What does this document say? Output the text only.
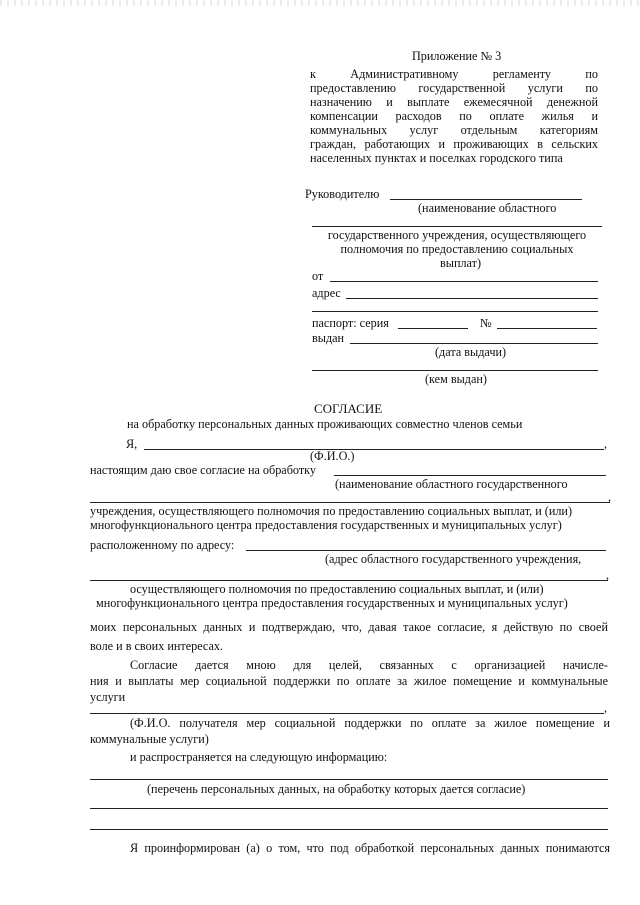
Приложение № 3
к Административному регламенту по
предоставлению государственной услуги по
назначению и выплате ежемесячной денежной
компенсации расходов по оплате жилья и
коммунальных услуг отдельным категориям
граждан, работающих и проживающих в сельских
населенных пунктах и поселках городского типа
Руководителю
(наименование областного
государственного учреждения, осуществляющего
полномочия по предоставлению социальных
выплат)
от
адрес
паспорт: серия	№
выдан
(дата выдачи)
(кем выдан)
СОГЛАСИЕ
на обработку персональных данных проживающих совместно членов семьи
Я,	,
(Ф.И.О.)
настоящим даю свое согласие на обработку
(наименование областного государственного
,
учреждения, осуществляющего полномочия по предоставлению социальных выплат, и (или)
многофункционального центра предоставления государственных и муниципальных услуг)
расположенному по адресу:
(адрес областного государственного учреждения,
,
осуществляющего полномочия по предоставлению социальных выплат, и (или)
многофункционального центра предоставления государственных и муниципальных услуг)
моих персональных данных и подтверждаю, что, давая такое согласие, я действую по своей
воле и в своих интересах.
Согласие дается мною для целей, связанных с организацией начисле-
ния и выплаты мер социальной поддержки по оплате за жилое помещение и коммунальные
услуги
,
(Ф.И.О. получателя мер социальной поддержки по оплате за жилое помещение и
коммунальные услуги)
и распространяется на следующую информацию:
(перечень персональных данных, на обработку которых дается согласие)
Я проинформирован (а) о том, что под обработкой персональных данных понимаются
